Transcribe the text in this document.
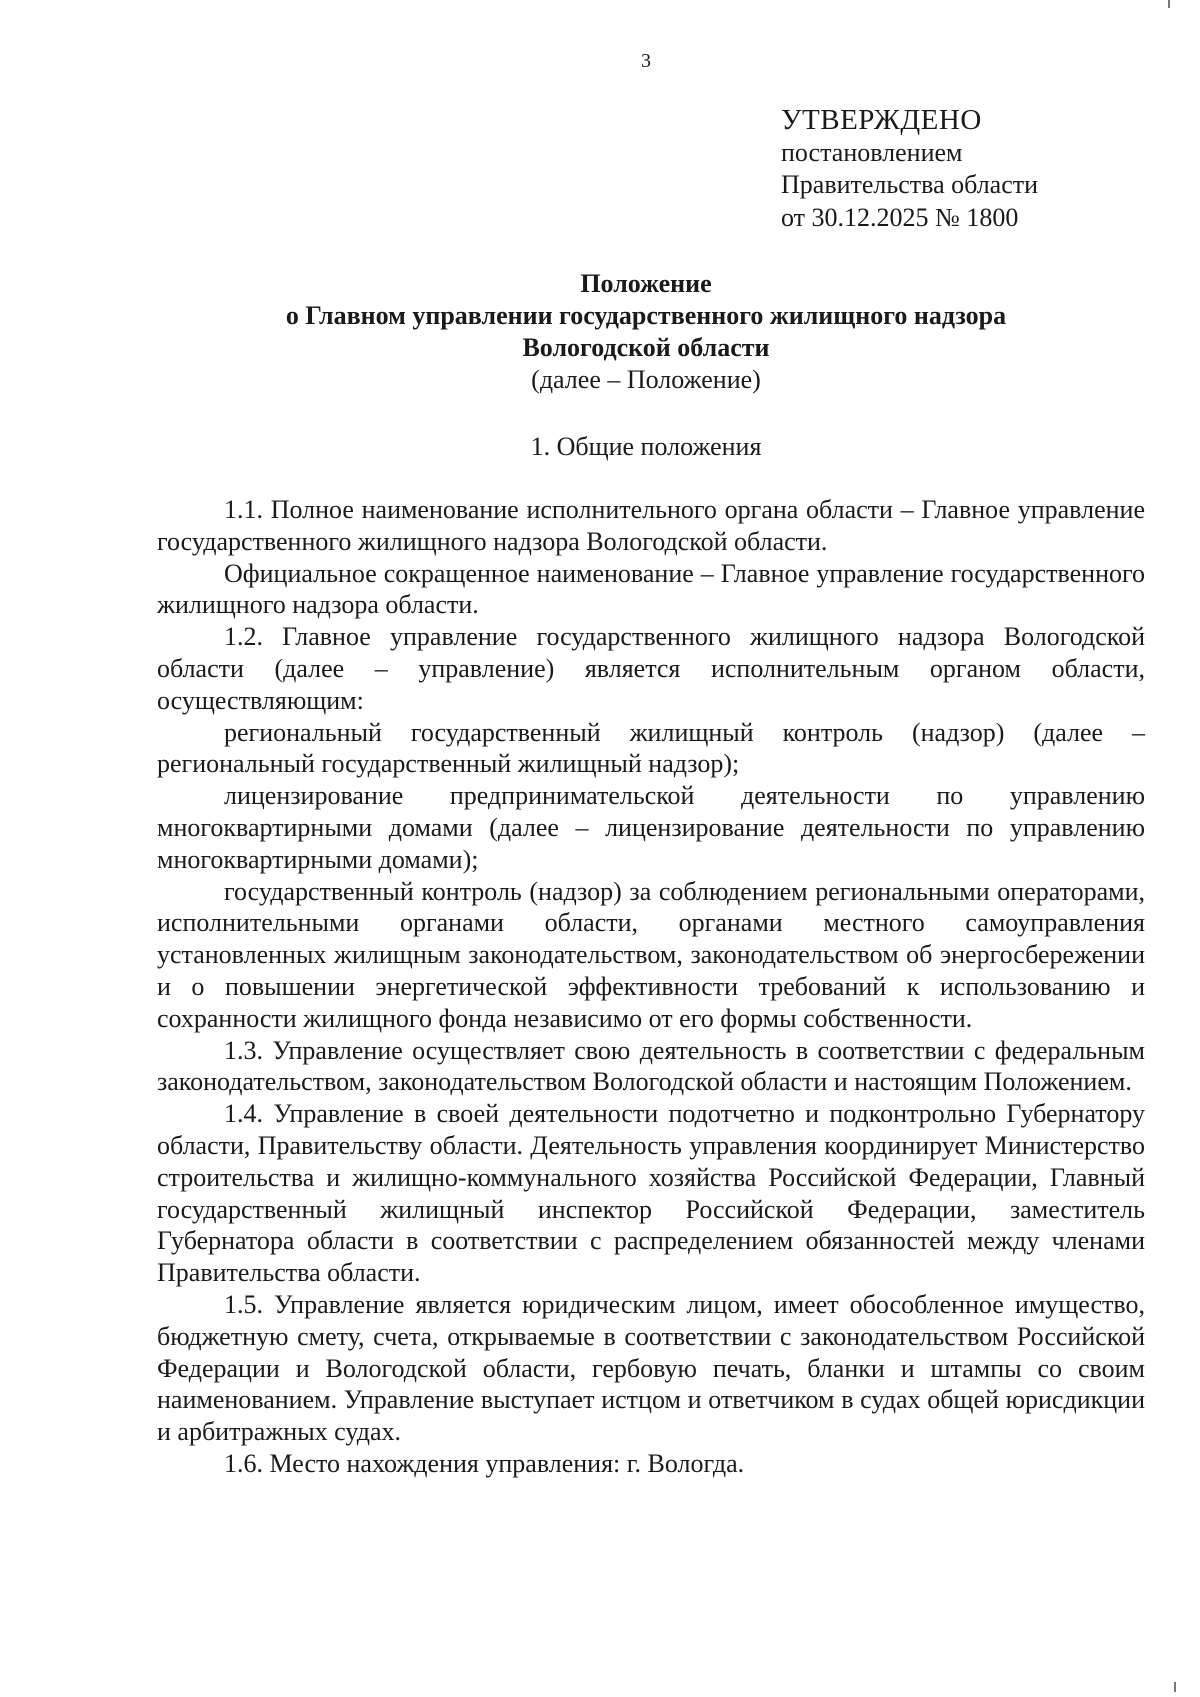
3
УТВЕРЖДЕНО
постановлением
Правительства области
от 30.12.2025 № 1800
Положение
о Главном управлении государственного жилищного надзора
Вологодской области
(далее – Положение)
1. Общие положения

1.1. Полное наименование исполнительного органа области – Главное управление государственного жилищного надзора Вологодской области.

Официальное сокращенное наименование – Главное управление государственного жилищного надзора области.

1.2. Главное управление государственного жилищного надзора Вологодской области (далее – управление) является исполнительным органом области, осуществляющим:

региональный государственный жилищный контроль (надзор) (далее – региональный государственный жилищный надзор);

лицензирование предпринимательской деятельности по управлению многоквартирными домами (далее – лицензирование деятельности по управлению многоквартирными домами);

государственный контроль (надзор) за соблюдением региональными операторами, исполнительными органами области, органами местного самоуправления установленных жилищным законодательством, законодательством об энергосбережении и о повышении энергетической эффективности требований к использованию и сохранности жилищного фонда независимо от его формы собственности.

1.3. Управление осуществляет свою деятельность в соответствии с федеральным законодательством, законодательством Вологодской области и настоящим Положением.

1.4. Управление в своей деятельности подотчетно и подконтрольно Губернатору области, Правительству области. Деятельность управления координирует Министерство строительства и жилищно-коммунального хозяйства Российской Федерации, Главный государственный жилищный инспектор Российской Федерации, заместитель Губернатора области в соответствии с распределением обязанностей между членами Правительства области.

1.5. Управление является юридическим лицом, имеет обособленное имущество, бюджетную смету, счета, открываемые в соответствии с законодательством Российской Федерации и Вологодской области, гербовую печать, бланки и штампы со своим наименованием. Управление выступает истцом и ответчиком в судах общей юрисдикции и арбитражных судах.

1.6. Место нахождения управления: г. Вологда.
